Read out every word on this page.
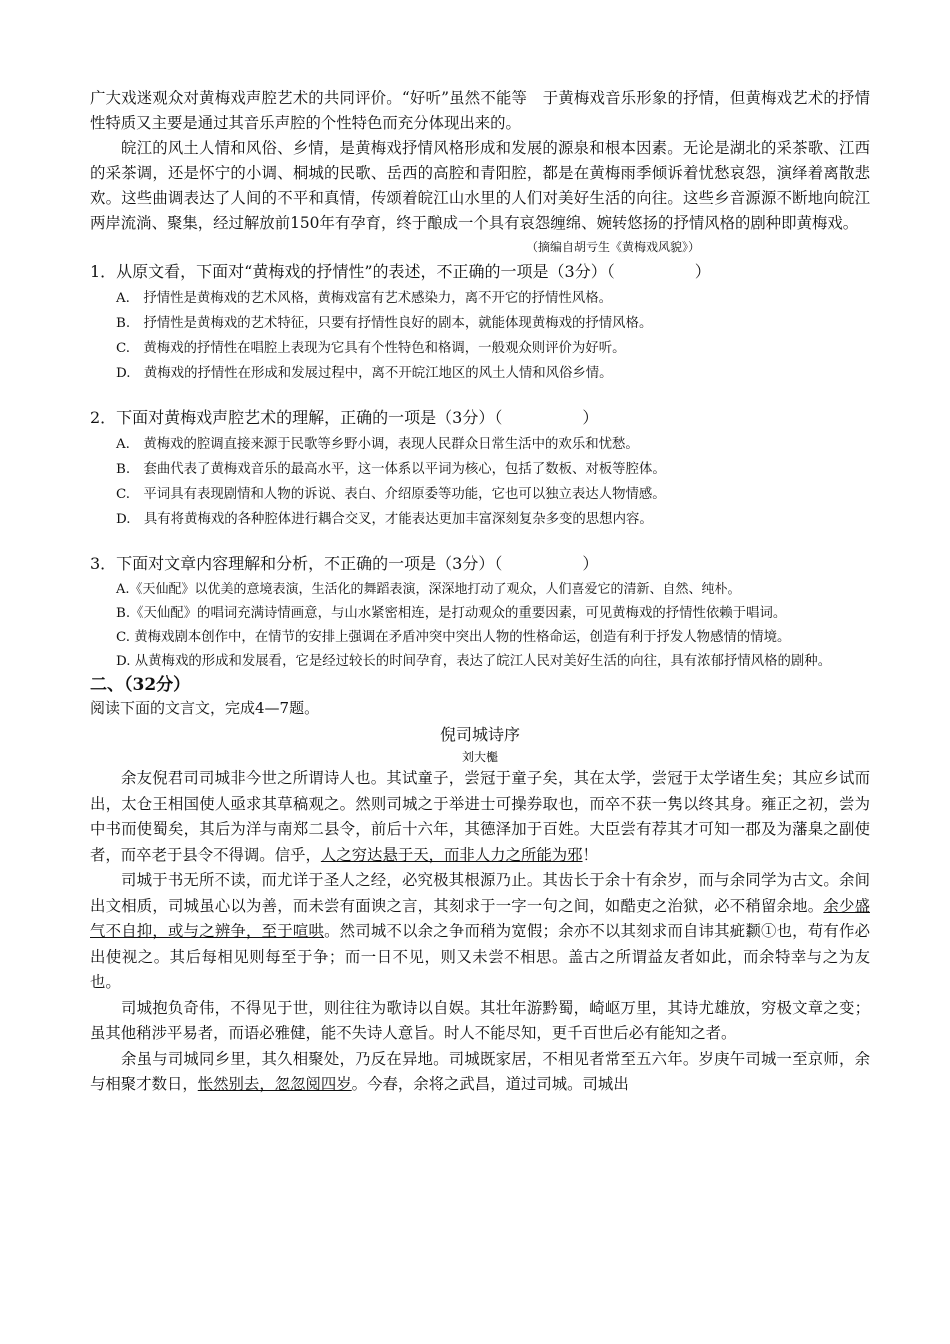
广大戏迷观众对黄梅戏声腔艺术的共同评价。“好听”虽然不能等　于黄梅戏音乐形象的抒情，但黄梅戏艺术的抒情性特质又主要是通过其音乐声腔的个性特色而充分体现出来的。

皖江的风土人情和风俗、乡情，是黄梅戏抒情风格形成和发展的源泉和根本因素。无论是湖北的采茶歌、江西的采茶调，还是怀宁的小调、桐城的民歌、岳西的高腔和青阳腔，都是在黄梅雨季倾诉着忧愁哀怨，演绎着离散悲欢。这些曲调表达了人间的不平和真情，传颂着皖江山水里的人们对美好生活的向往。这些乡音源源不断地向皖江两岸流淌、聚集，经过解放前150年有孕育，终于酿成一个具有哀怨缠绵、婉转悠扬的抒情风格的剧种即黄梅戏。

（摘编自胡亏生《黄梅戏风貌》）

1．从原文看，下面对“黄梅戏的抒情性”的表述，不正确的一项是（3分）（　　　　　）

A.　抒情性是黄梅戏的艺术风格，黄梅戏富有艺术感染力，离不开它的抒情性风格。

B.　抒情性是黄梅戏的艺术特征，只要有抒情性良好的剧本，就能体现黄梅戏的抒情风格。

C.　黄梅戏的抒情性在唱腔上表现为它具有个性特色和格调，一般观众则评价为好听。

D.　黄梅戏的抒情性在形成和发展过程中，离不开皖江地区的风土人情和风俗乡情。

2．下面对黄梅戏声腔艺术的理解，正确的一项是（3分）（　　　　　）

A.　黄梅戏的腔调直接来源于民歌等乡野小调，表现人民群众日常生活中的欢乐和忧愁。

B.　套曲代表了黄梅戏音乐的最高水平，这一体系以平词为核心，包括了数板、对板等腔体。

C.　平词具有表现剧情和人物的诉说、表白、介绍原委等功能，它也可以独立表达人物情感。

D.　具有将黄梅戏的各种腔体进行耦合交叉，才能表达更加丰富深刻复杂多变的思想内容。

3．下面对文章内容理解和分析，不正确的一项是（3分）（　　　　　）

A.《天仙配》以优美的意境表演，生活化的舞蹈表演，深深地打动了观众，人们喜爱它的清新、自然、纯朴。

B.《天仙配》的唱词充满诗情画意，与山水紧密相连，是打动观众的重要因素，可见黄梅戏的抒情性依赖于唱词。

C. 黄梅戏剧本创作中，在情节的安排上强调在矛盾冲突中突出人物的性格命运，创造有利于抒发人物感情的情境。

D. 从黄梅戏的形成和发展看，它是经过较长的时间孕育，表达了皖江人民对美好生活的向往，具有浓郁抒情风格的剧种。

二、（32分）

阅读下面的文言文，完成4—7题。

倪司城诗序

刘大櫆

余友倪君司司城非今世之所谓诗人也。其试童子，尝冠于童子矣，其在太学，尝冠于太学诸生矣；其应乡试而出，太仓王相国使人亟求其草稿观之。然则司城之于举进士可操券取也，而卒不获一隽以终其身。雍正之初，尝为中书而使蜀矣，其后为洋与南郑二县令，前后十六年，其德泽加于百姓。大臣尝有荐其才可知一郡及为藩臬之副使者，而卒老于县令不得调。信乎，人之穷达悬于天，而非人力之所能为邪！

司城于书无所不读，而尤详于圣人之经，必究极其根源乃止。其齿长于余十有余岁，而与余同学为古文。余间出文相质，司城虽心以为善，而未尝有面谀之言，其刻求于一字一句之间，如酷吏之治狱，必不稍留余地。余少盛气不自抑，或与之辨争，至于喧哄。然司城不以余之争而稍为宽假；余亦不以其刻求而自讳其疵颣①也，苟有作必出使视之。其后每相见则每至于争；而一日不见，则又未尝不相思。盖古之所谓益友者如此，而余特幸与之为友也。

司城抱负奇伟，不得见于世，则往往为歌诗以自娱。其壮年游黔蜀，崎岖万里，其诗尤雄放，穷极文章之变；虽其他稍涉平易者，而语必雅健，能不失诗人意旨。时人不能尽知，更千百世后必有能知之者。

余虽与司城同乡里，其久相聚处，乃反在异地。司城既家居，不相见者常至五六年。岁庚午司城一至京师，余与相聚才数日，怅然别去，忽忽阅四岁。今春，余将之武昌，道过司城。司城出
